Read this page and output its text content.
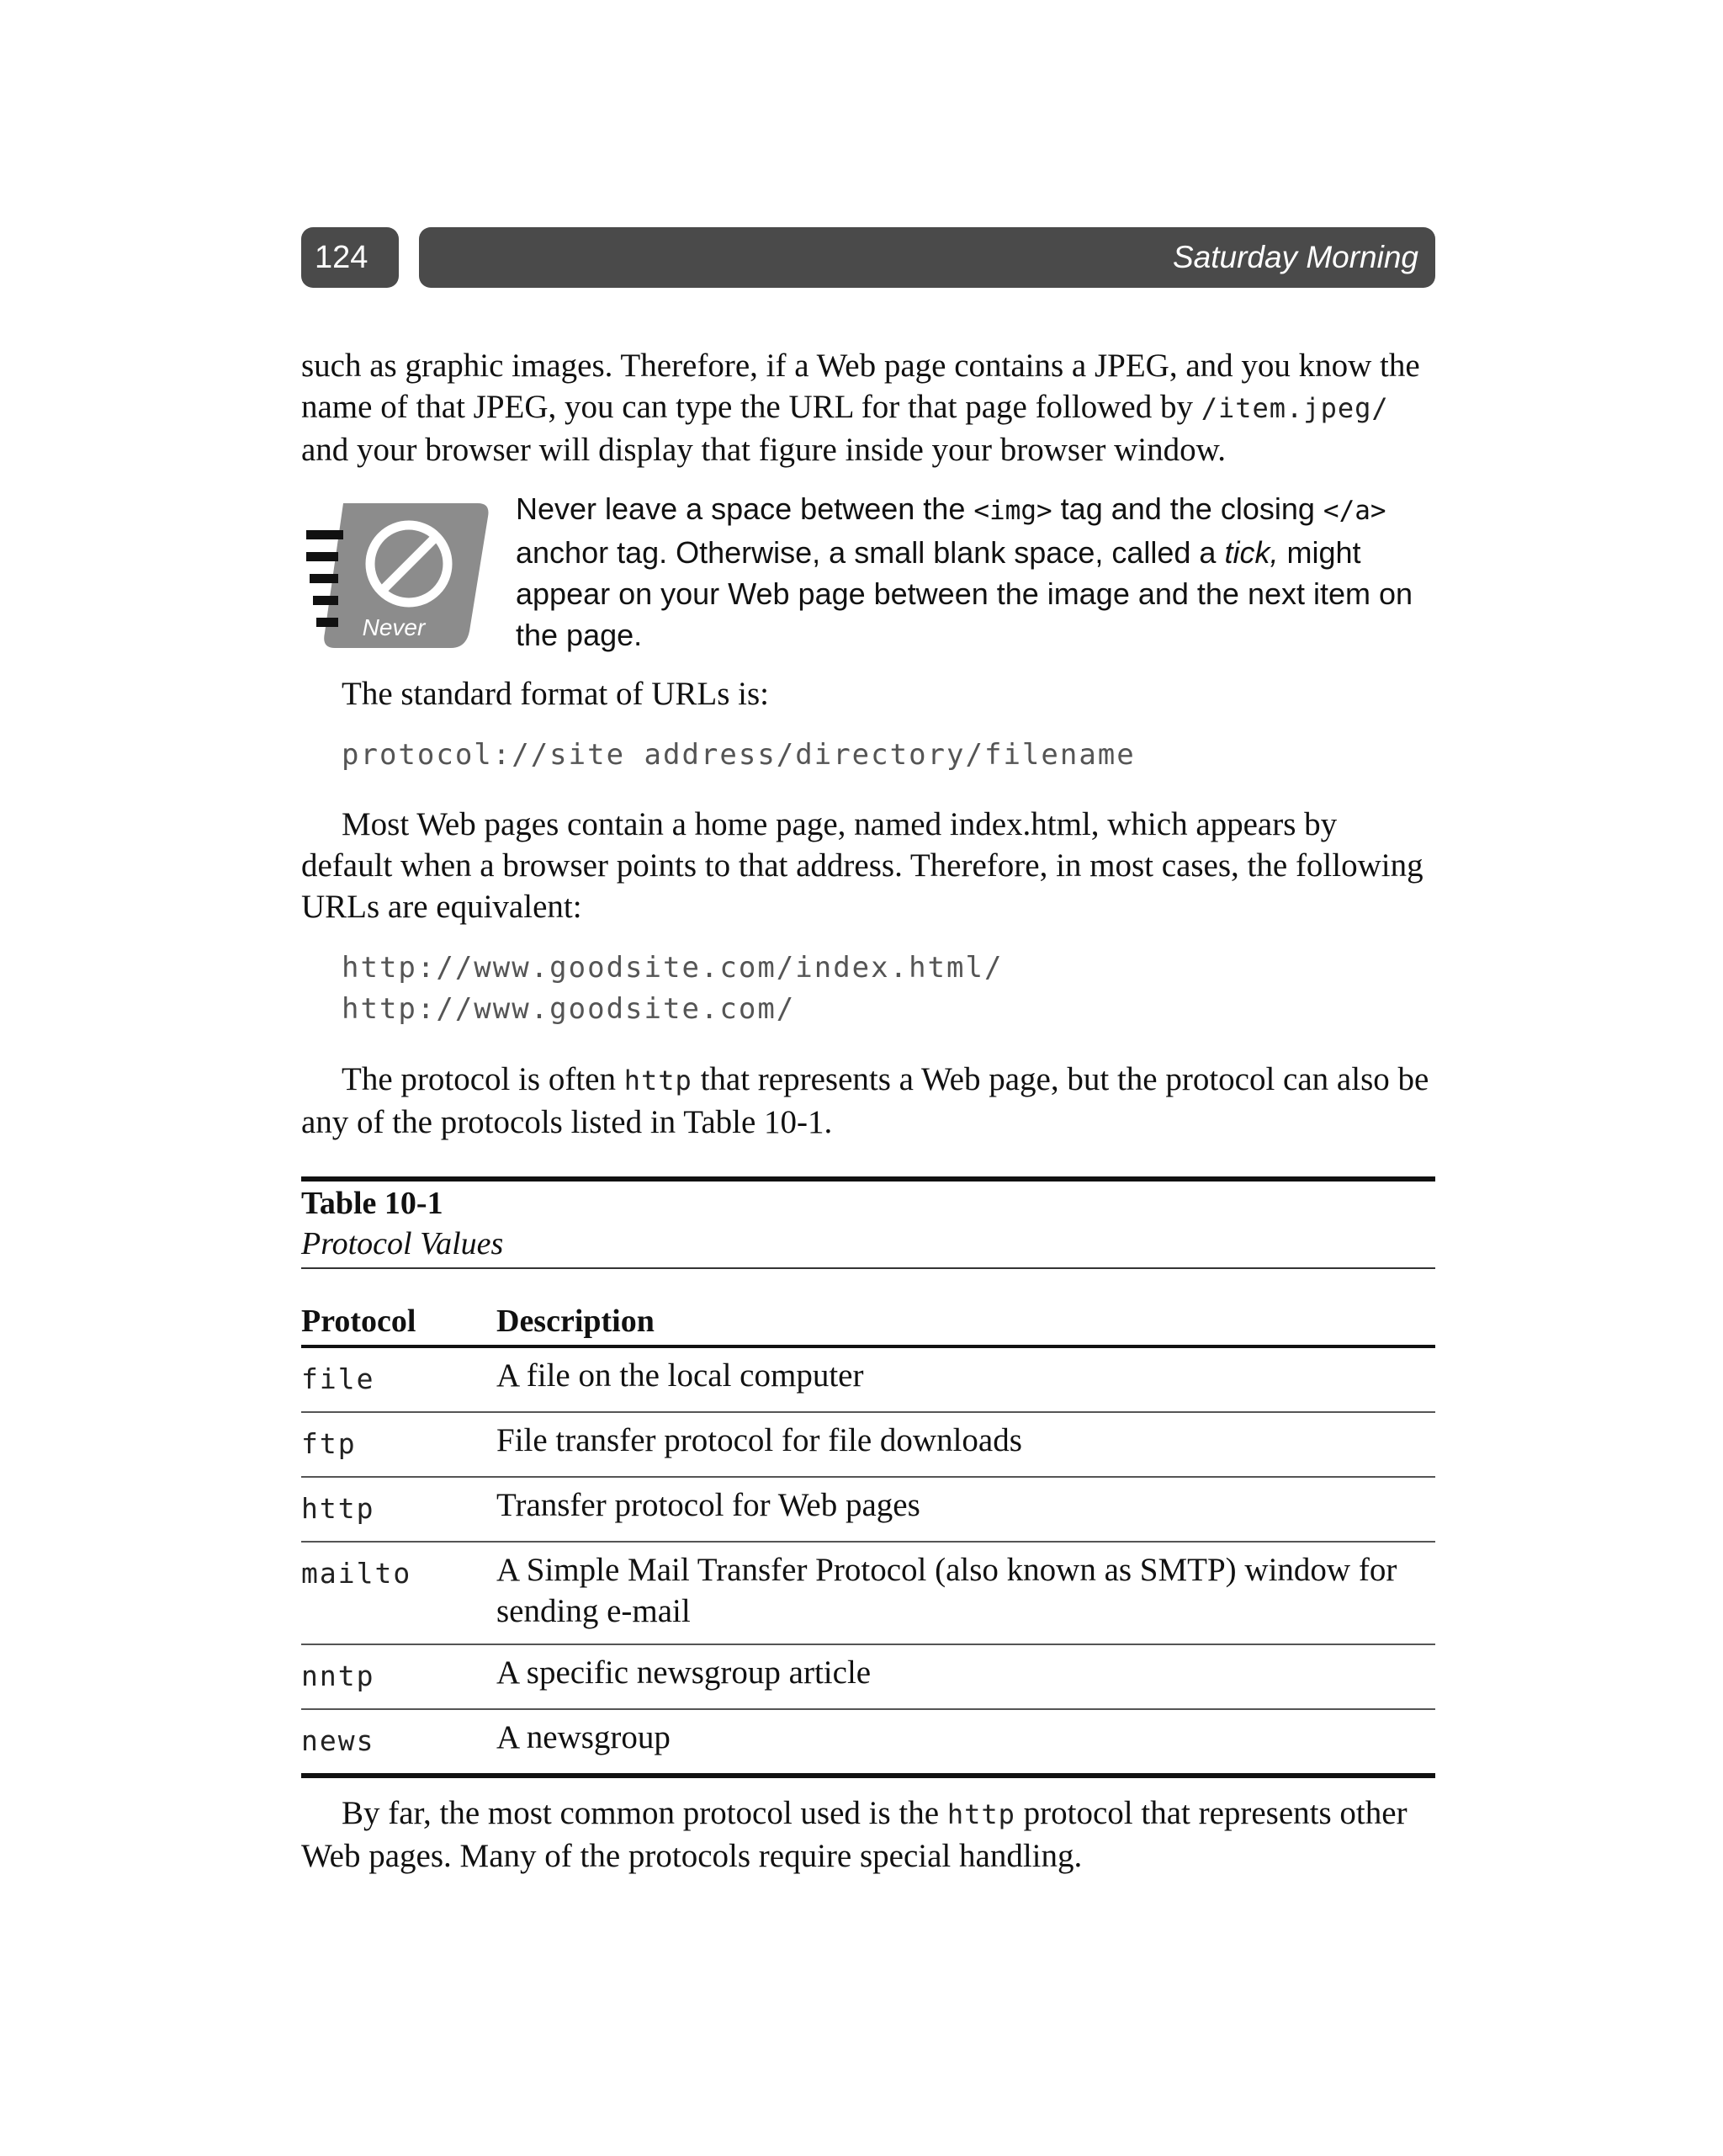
124	Saturday Morning

such as graphic images. Therefore, if a Web page contains a JPEG, and you know the name of that JPEG, you can type the URL for that page followed by /item.jpeg/ and your browser will display that figure inside your browser window.

Never
Never leave a space between the <img> tag and the closing </a> anchor tag. Otherwise, a small blank space, called a tick, might appear on your Web page between the image and the next item on the page.

The standard format of URLs is:

protocol://site address/directory/filename

Most Web pages contain a home page, named index.html, which appears by default when a browser points to that address. Therefore, in most cases, the following URLs are equivalent:

http://www.goodsite.com/index.html/
http://www.goodsite.com/

The protocol is often http that represents a Web page, but the protocol can also be any of the protocols listed in Table 10-1.

Table 10-1
Protocol Values
Protocol	Description
file	A file on the local computer
ftp	File transfer protocol for file downloads
http	Transfer protocol for Web pages
mailto	A Simple Mail Transfer Protocol (also known as SMTP) window for sending e-mail
nntp	A specific newsgroup article
news	A newsgroup

By far, the most common protocol used is the http protocol that represents other Web pages. Many of the protocols require special handling.
